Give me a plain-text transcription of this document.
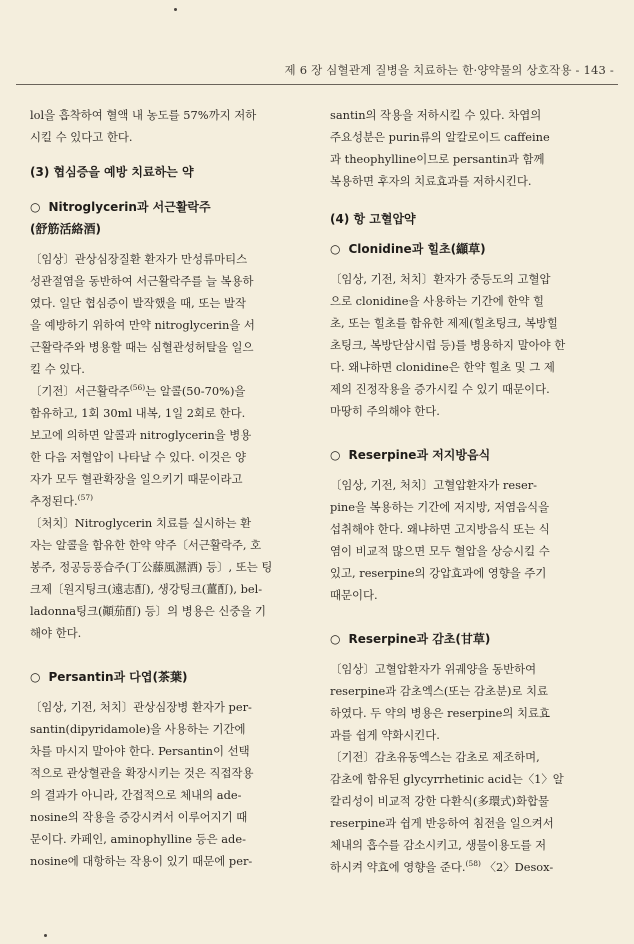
제 6 장 심혈관계 질병을 치료하는 한·양약물의 상호작용 - 143 -

lol을 흡착하여 혈액 내 농도를 57%까지 저하
시킬 수 있다고 한다.

(3) 협심증을 예방 치료하는 약
○ Nitroglycerin과 서근활락주
(舒筋活絡酒)

〔임상〕관상심장질환 환자가 만성류마티스
성관절염을 동반하여 서근활락주를 늘 복용하
였다. 일단 협심증이 발작했을 때, 또는 발작
을 예방하기 위하여 만약 nitroglycerin을 서
근활락주와 병용할 때는 심혈관성허탈을 일으
킬 수 있다.

〔기전〕서근활락주$^{(56)}$는 알콜(50-70%)을
함유하고, 1회 30ml 내복, 1일 2회로 한다.
보고에 의하면 알콜과 nitroglycerin을 병용
한 다음 저혈압이 나타날 수 있다. 이것은 양
자가 모두 혈관확장을 일으키기 때문이라고
추정된다.$^{(57)}$

〔처치〕Nitroglycerin 치료를 실시하는 환
자는 알콜을 함유한 한약 약주〔서근활락주, 호
봉주, 정공등풍습주(丁公藤風濕酒) 등〕, 또는 팅
크제〔원지팅크(遠志酊), 생강팅크(薑酊), bel-
ladonna팅크(顚茄酊) 등〕의 병용은 신중을 기
해야 한다.

○ Persantin과 다엽(茶葉)

〔임상, 기전, 처치〕관상심장병 환자가 per-
santin(dipyridamole)을 사용하는 기간에
차를 마시지 말아야 한다. Persantin이 선택
적으로 관상혈관을 확장시키는 것은 직접작용
의 결과가 아니라, 간접적으로 체내의 ade-
nosine의 작용을 증강시켜서 이루어지기 때
문이다. 카페인, aminophylline 등은 ade-
nosine에 대항하는 작용이 있기 때문에 per-

santin의 작용을 저하시킬 수 있다. 차엽의
주요성분은 purin류의 알칼로이드 caffeine
과 theophylline이므로 persantin과 함께
복용하면 후자의 치료효과를 저하시킨다.

(4) 항 고혈압약
○ Clonidine과 힐초(纈草)

〔임상, 기전, 처치〕환자가 중등도의 고혈압
으로 clonidine을 사용하는 기간에 한약 힐
초, 또는 힐초를 함유한 제제(힐초팅크, 복방힐
초팅크, 복방단삼시럽 등)를 병용하지 말아야 한
다. 왜냐하면 clonidine은 한약 힐초 및 그 제
제의 진정작용을 증가시킬 수 있기 때문이다.
마땅히 주의해야 한다.

○ Reserpine과 저지방음식

〔임상, 기전, 처치〕고혈압환자가 reser-
pine을 복용하는 기간에 저지방, 저염음식을
섭취해야 한다. 왜냐하면 고지방음식 또는 식
염이 비교적 많으면 모두 혈압을 상승시킬 수
있고, reserpine의 강압효과에 영향을 주기
때문이다.

○ Reserpine과 감초(甘草)

〔임상〕고혈압환자가 위궤양을 동반하여
reserpine과 감초엑스(또는 감초분)로 치료
하였다. 두 약의 병용은 reserpine의 치료효
과를 쉽게 약화시킨다.

〔기전〕감초유동엑스는 감초로 제조하며,
감초에 함유된 glycyrrhetinic acid는〈1〉알
칼리성이 비교적 강한 다환식(多環式)화합물
reserpine과 쉽게 반응하여 침전을 일으켜서
체내의 흡수를 감소시키고, 생물이용도를 저
하시켜 약효에 영향을 준다.$^{(58)}$ 〈2〉Desox-
